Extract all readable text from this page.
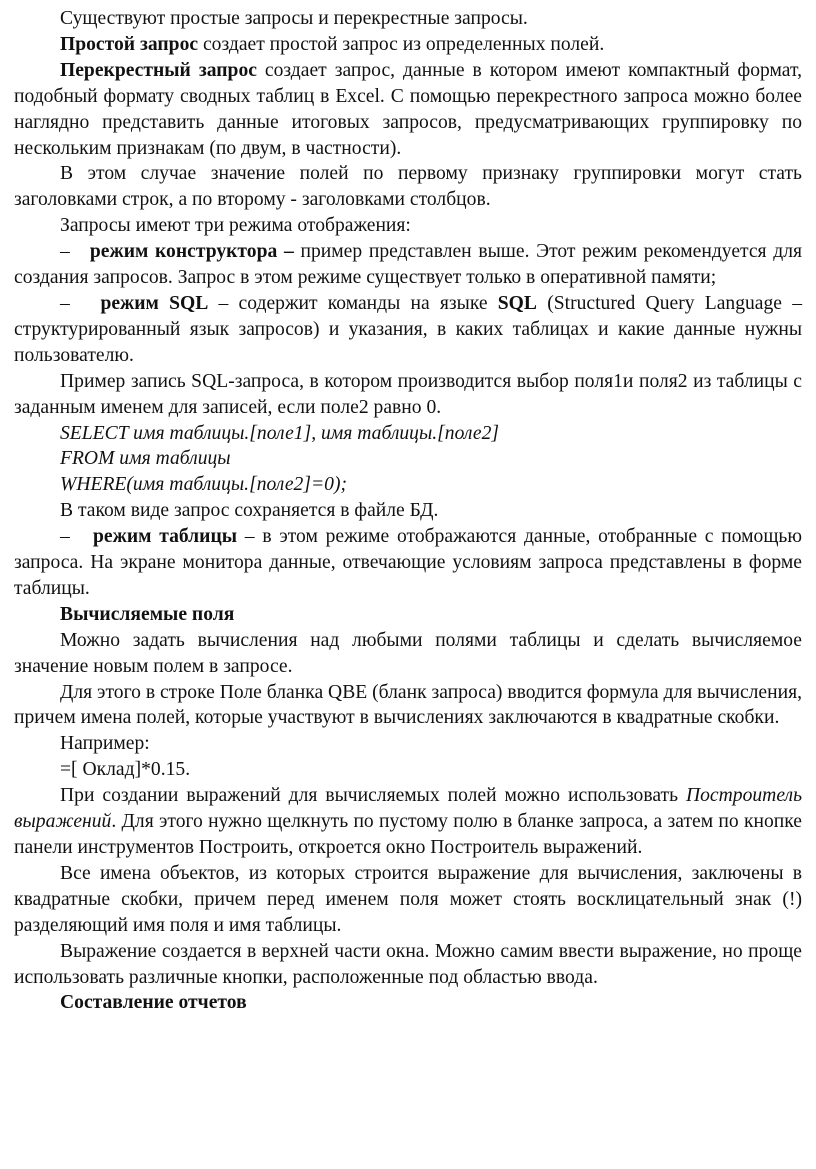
Существуют простые запросы и перекрестные запросы.

Простой запрос создает простой запрос из определенных полей.

Перекрестный запрос создает запрос, данные в котором имеют компактный формат, подобный формату сводных таблиц в Excel. С помощью перекрестного запроса можно более наглядно представить данные итоговых запросов, предусматривающих группировку по нескольким признакам (по двум, в частности).

В этом случае значение полей по первому признаку группировки могут стать заголовками строк, а по второму - заголовками столбцов.

Запросы имеют три режима отображения:

– режим конструктора – пример представлен выше. Этот режим рекомендуется для создания запросов. Запрос в этом режиме существует только в оперативной памяти;

– режим SQL – содержит команды на языке SQL (Structured Query Language – структурированный язык запросов) и указания, в каких таблицах и какие данные нужны пользователю.

Пример запись SQL-запроса, в котором производится выбор поля1и поля2 из таблицы с заданным именем для записей, если поле2 равно 0.

SELECT имя таблицы.[поле1], имя таблицы.[поле2]

FROM имя таблицы

WHERE(имя таблицы.[поле2]=0);

В таком виде запрос сохраняется в файле БД.

– режим таблицы – в этом режиме отображаются данные, отобранные с помощью запроса. На экране монитора данные, отвечающие условиям запроса представлены в форме таблицы.

Вычисляемые поля

Можно задать вычисления над любыми полями таблицы и сделать вычисляемое значение новым полем в запросе.

Для этого в строке Поле бланка QBE (бланк запроса) вводится формула для вычисления, причем имена полей, которые участвуют в вычислениях заключаются в квадратные скобки.

Например:

=[ Оклад]*0.15.

При создании выражений для вычисляемых полей можно использовать Построитель выражений. Для этого нужно щелкнуть по пустому полю в бланке запроса, а затем по кнопке панели инструментов Построить, откроется окно Построитель выражений.

Все имена объектов, из которых строится выражение для вычисления, заключены в квадратные скобки, причем перед именем поля может стоять восклицательный знак (!) разделяющий имя поля и имя таблицы.

Выражение создается в верхней части окна. Можно самим ввести выражение, но проще использовать различные кнопки, расположенные под областью ввода.

Составление отчетов
